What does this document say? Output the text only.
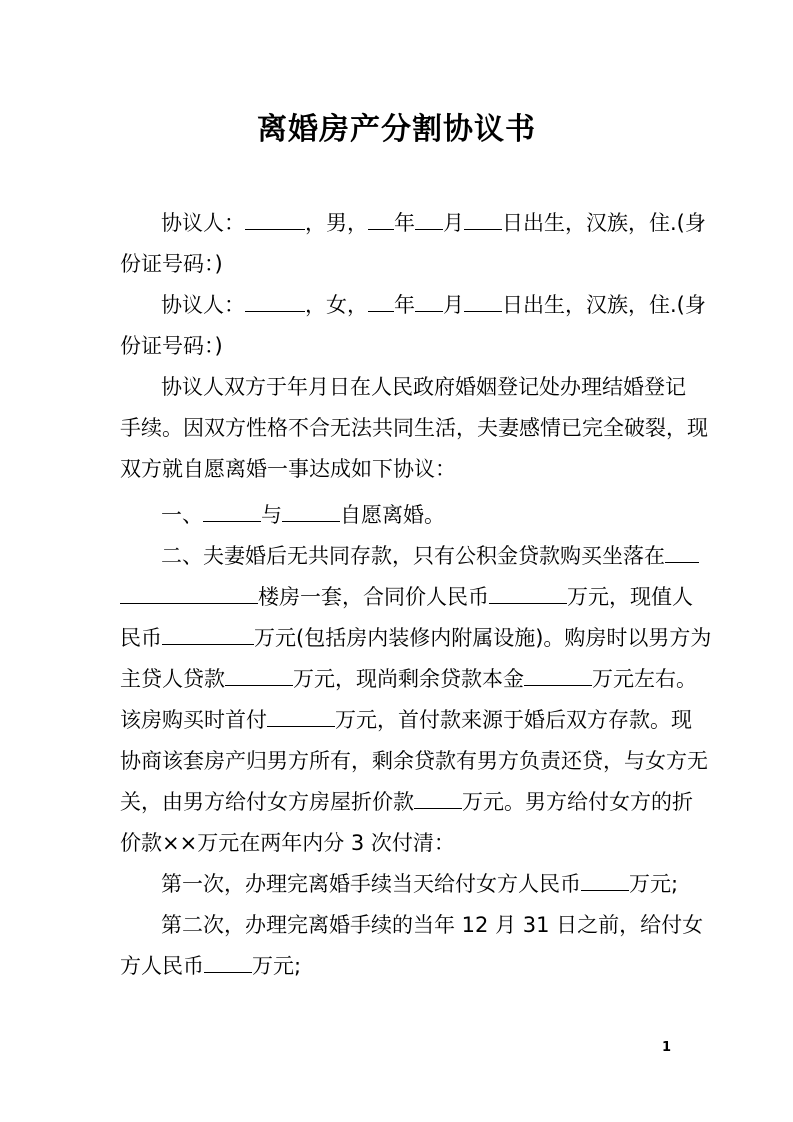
离婚房产分割协议书
协议人：	，男， 年 月 日出生，汉族，住.(身
份证号码：)
协议人：	，女， 年 月 日出生，汉族，住.(身
份证号码：)
协议人双方于年月日在人民政府婚姻登记处办理结婚登记
手续。因双方性格不合无法共同生活，夫妻感情已完全破裂，现
双方就自愿离婚一事达成如下协议：
一、	与	自愿离婚。
二、夫妻婚后无共同存款，只有公积金贷款购买坐落在
楼房一套，合同价人民币	万元，现值人
民币	万元(包括房内装修内附属设施)。购房时以男方为
主贷人贷款	万元，现尚剩余贷款本金	万元左右。
该房购买时首付	万元，首付款来源于婚后双方存款。现
协商该套房产归男方所有，剩余贷款有男方负责还贷，与女方无
关，由男方给付女方房屋折价款 万元。男方给付女方的折
价款××万元在两年内分 3 次付清：
第一次，办理完离婚手续当天给付女方人民币 万元;
第二次，办理完离婚手续的当年 12 月 31 日之前，给付女
方人民币 万元;
1
